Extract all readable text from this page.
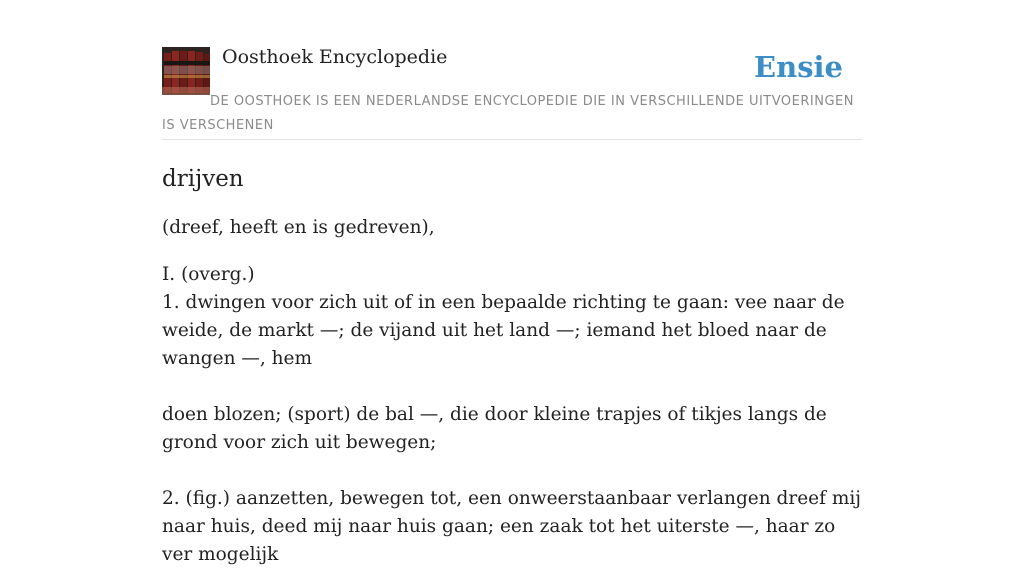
Oosthoek Encyclopedie	Ensie
DE OOSTHOEK IS EEN NEDERLANDSE ENCYCLOPEDIE DIE IN VERSCHILLENDE UITVOERINGEN IS VERSCHENEN
drijven

(dreef, heeft en is gedreven),

I. (overg.)

1. dwingen voor zich uit of in een bepaalde richting te gaan: vee naar de weide, de markt —; de vijand uit het land —; iemand het bloed naar de wangen —, hem

doen blozen; (sport) de bal —, die door kleine trapjes of tikjes langs de grond voor zich uit bewegen;

2. (fig.) aanzetten, bewegen tot, een onweerstaanbaar verlangen dreef mij naar huis, deed mij naar huis gaan; een zaak tot het uiterste —, haar zo ver mogelijk
